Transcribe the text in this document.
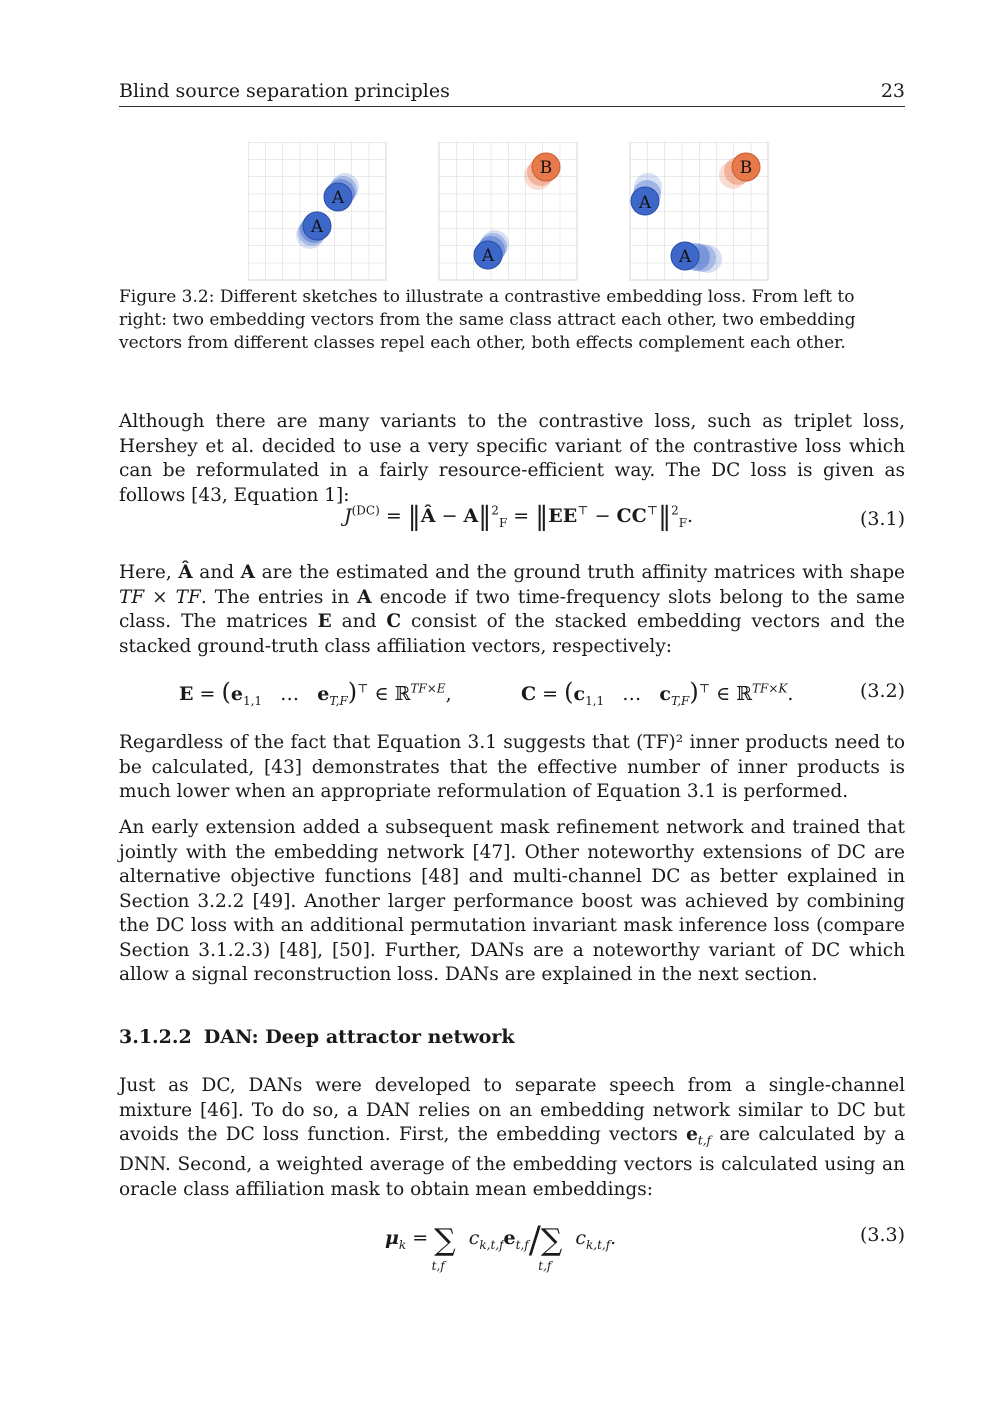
Blind source separation principles	23
A
A
B
A
B
A
A
Figure 3.2: Different sketches to illustrate a contrastive embedding loss. From left to right: two embedding vectors from the same class attract each other, two embedding vectors from different classes repel each other, both effects complement each other.
Although there are many variants to the contrastive loss, such as triplet loss, Hershey et al. decided to use a very specific variant of the contrastive loss which can be reformulated in a fairly resource-efficient way. The DC loss is given as follows [43, Equation 1]:
$J^{(DC)}$ = ‖Â − A‖$^2_F$ = ‖EE⊤ − CC⊤‖$^2_F$.	(3.1)
Here, Â and A are the estimated and the ground truth affinity matrices with shape TF × TF. The entries in A encode if two time-frequency slots belong to the same class. The matrices E and C consist of the stacked embedding vectors and the stacked ground-truth class affiliation vectors, respectively:
$E = (e_{1,1}$   …   $e_{T,F})^⊤$ ∈ ℝ$^{TF\times E}$,	$C = (c_{1,1}$   …   $c_{T,F})^⊤$ ∈ ℝ$^{TF\times K}$.	(3.2)
Regardless of the fact that Equation 3.1 suggests that (TF)² inner products need to be calculated, [43] demonstrates that the effective number of inner products is much lower when an appropriate reformulation of Equation 3.1 is performed.
An early extension added a subsequent mask refinement network and trained that jointly with the embedding network [47]. Other noteworthy extensions of DC are alternative objective functions [48] and multi-channel DC as better explained in Section 3.2.2 [49]. Another larger performance boost was achieved by combining the DC loss with an additional permutation invariant mask inference loss (compare Section 3.1.2.3) [48], [50]. Further, DANs are a noteworthy variant of DC which allow a signal reconstruction loss. DANs are explained in the next section.
3.1.2.2 DAN: Deep attractor network
Just as DC, DANs were developed to separate speech from a single-channel mixture [46]. To do so, a DAN relies on an embedding network similar to DC but avoids the DC loss function. First, the embedding vectors $e_{t,f}$ are calculated by a DNN. Second, a weighted average of the embedding vectors is calculated using an oracle class affiliation mask to obtain mean embeddings:
$\mu_k = \sum_{t,f}c_{k,t,f}e_{t,f}/\sum_{t,f}c_{k,t,f}$.	(3.3)
